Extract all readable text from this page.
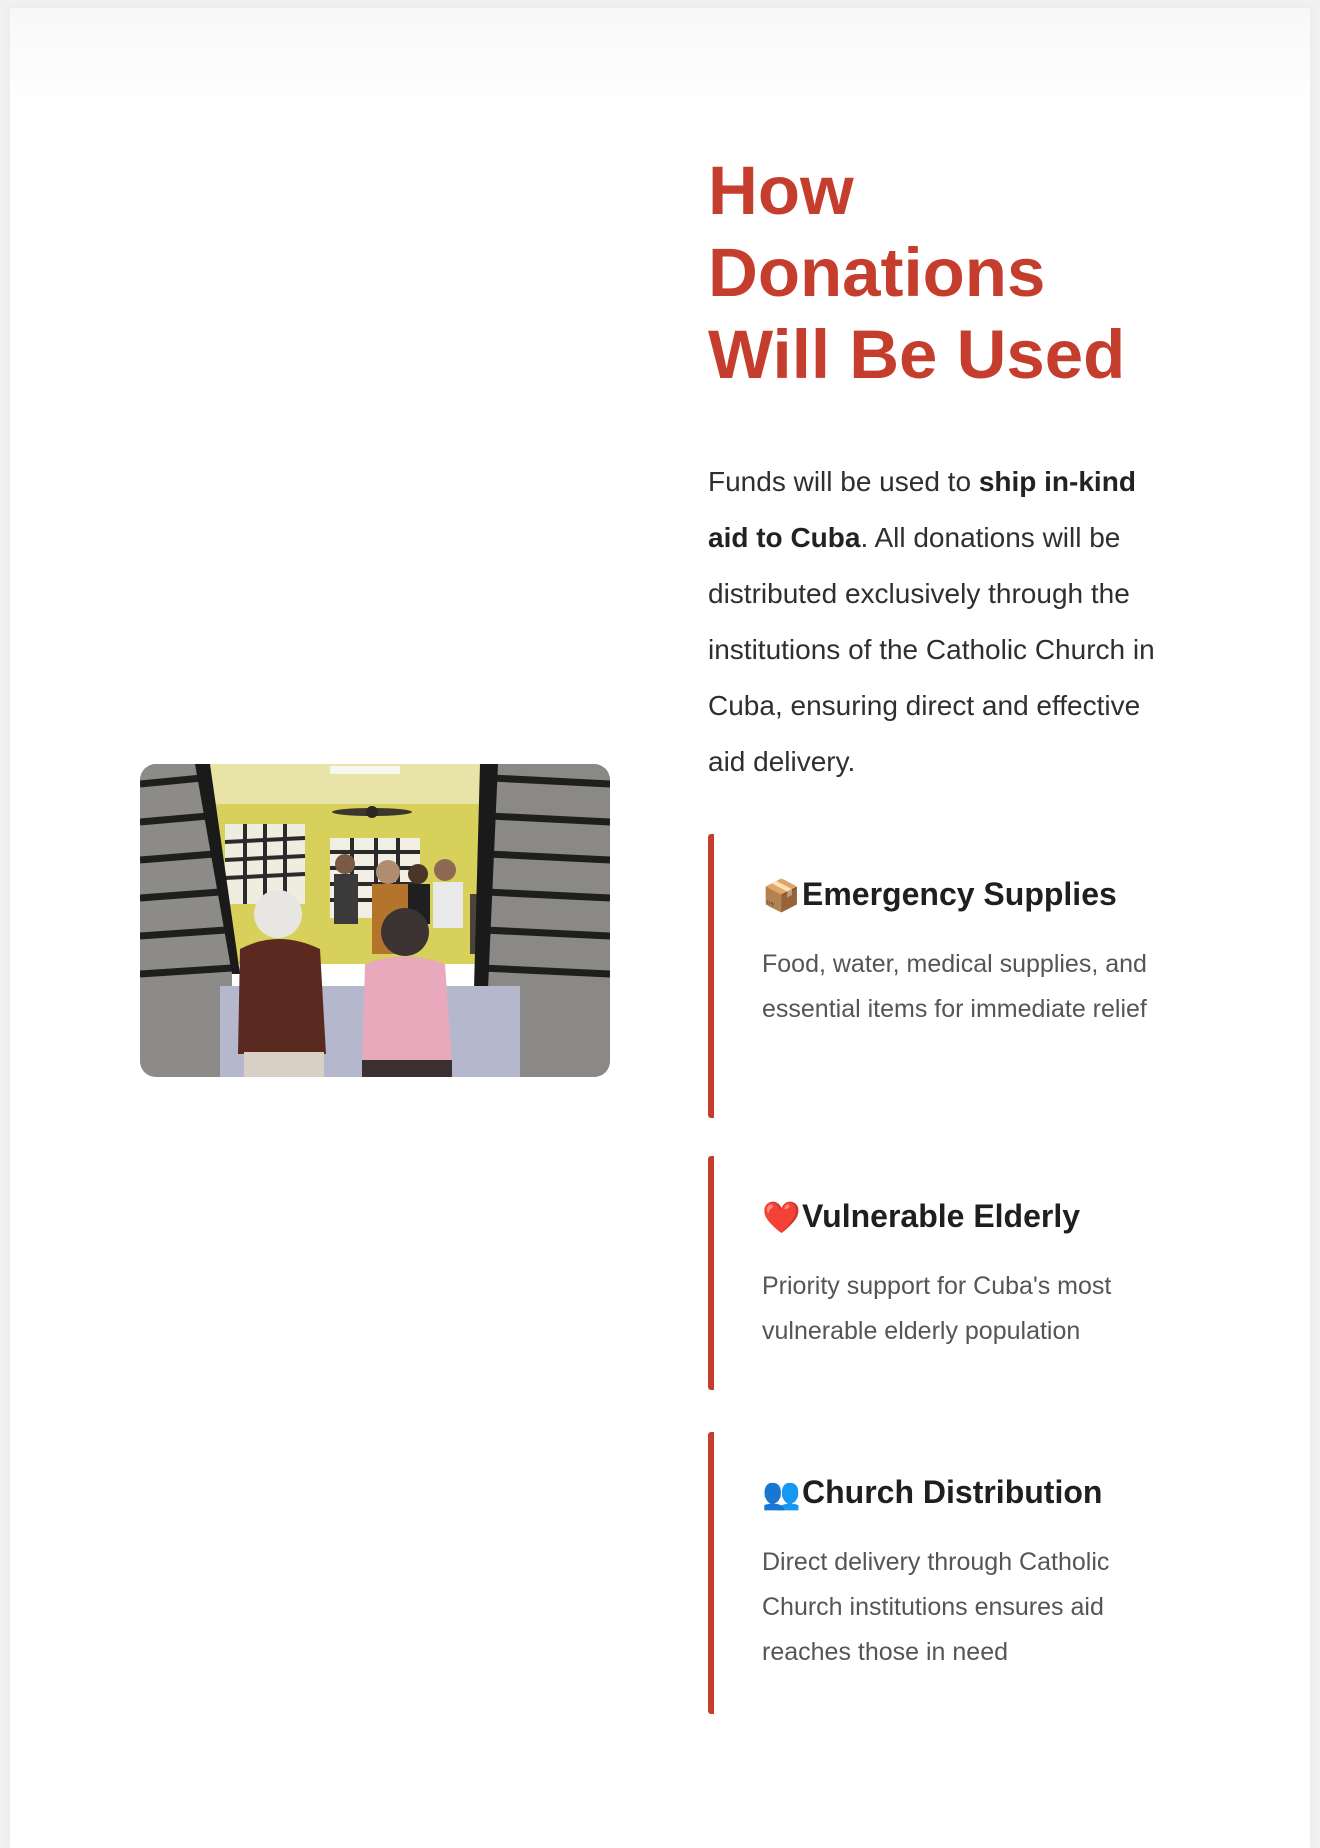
How Donations Will Be Used

Funds will be used to ship in-kind aid to Cuba. All donations will be distributed exclusively through the institutions of the Catholic Church in Cuba, ensuring direct and effective aid delivery.

📦Emergency Supplies

Food, water, medical supplies, and essential items for immediate relief

❤️Vulnerable Elderly

Priority support for Cuba's most vulnerable elderly population

👥Church Distribution

Direct delivery through Catholic Church institutions ensures aid reaches those in need
